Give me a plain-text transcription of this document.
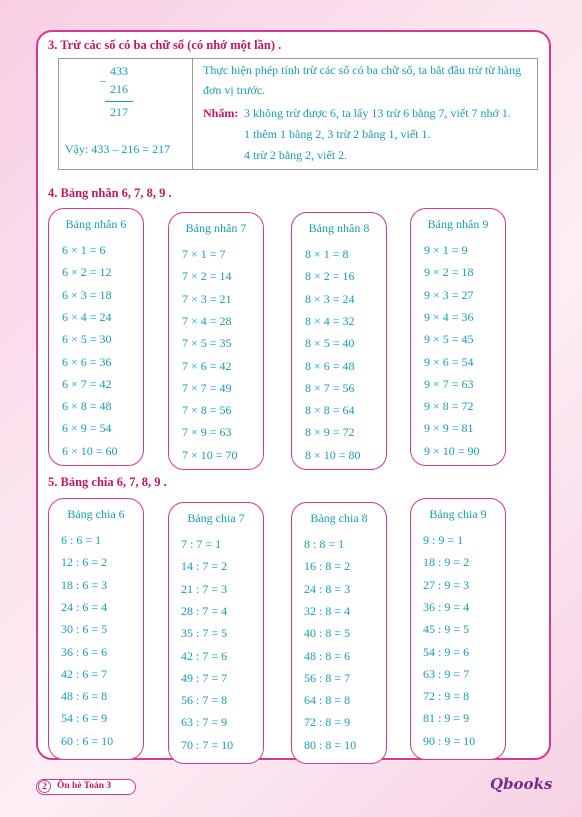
3. Trừ các số có ba chữ số (có nhớ một lần) .
433
–
216
217
Vậy: 433 – 216 = 217
Thực hiện phép tính trừ các số có ba chữ số, ta bắt đầu trừ từ hàng
đơn vị trước.
Nhẩm: 3 không trừ được 6, ta lấy 13 trừ 6 bằng 7, viết 7 nhớ 1.
1 thêm 1 bằng 2, 3 trừ 2 bằng 1, viết 1.
4 trừ 2 bằng 2, viết 2.
4. Bảng nhân 6, 7, 8, 9 .
Bảng nhân 6
6 × 1 = 6
6 × 2 = 12
6 × 3 = 18
6 × 4 = 24
6 × 5 = 30
6 × 6 = 36
6 × 7 = 42
6 × 8 = 48
6 × 9 = 54
6 × 10 = 60
Bảng nhân 7
7 × 1 = 7
7 × 2 = 14
7 × 3 = 21
7 × 4 = 28
7 × 5 = 35
7 × 6 = 42
7 × 7 = 49
7 × 8 = 56
7 × 9 = 63
7 × 10 = 70
Bảng nhân 8
8 × 1 = 8
8 × 2 = 16
8 × 3 = 24
8 × 4 = 32
8 × 5 = 40
8 × 6 = 48
8 × 7 = 56
8 × 8 = 64
8 × 9 = 72
8 × 10 = 80
Bảng nhân 9
9 × 1 = 9
9 × 2 = 18
9 × 3 = 27
9 × 4 = 36
9 × 5 = 45
9 × 6 = 54
9 × 7 = 63
9 × 8 = 72
9 × 9 = 81
9 × 10 = 90
5. Bảng chia 6, 7, 8, 9 .
Bảng chia 6
6 : 6 = 1
12 : 6 = 2
18 : 6 = 3
24 : 6 = 4
30 : 6 = 5
36 : 6 = 6
42 : 6 = 7
48 : 6 = 8
54 : 6 = 9
60 : 6 = 10
Bảng chia 7
7 : 7 = 1
14 : 7 = 2
21 : 7 = 3
28 : 7 = 4
35 : 7 = 5
42 : 7 = 6
49 : 7 = 7
56 : 7 = 8
63 : 7 = 9
70 : 7 = 10
Bảng chia 8
8 : 8 = 1
16 : 8 = 2
24 : 8 = 3
32 : 8 = 4
40 : 8 = 5
48 : 8 = 6
56 : 8 = 7
64 : 8 = 8
72 : 8 = 9
80 : 8 = 10
Bảng chia 9
9 : 9 = 1
18 : 9 = 2
27 : 9 = 3
36 : 9 = 4
45 : 9 = 5
54 : 9 = 6
63 : 9 = 7
72 : 9 = 8
81 : 9 = 9
90 : 9 = 10
2	Ôn hè Toán 3	Qbooks
